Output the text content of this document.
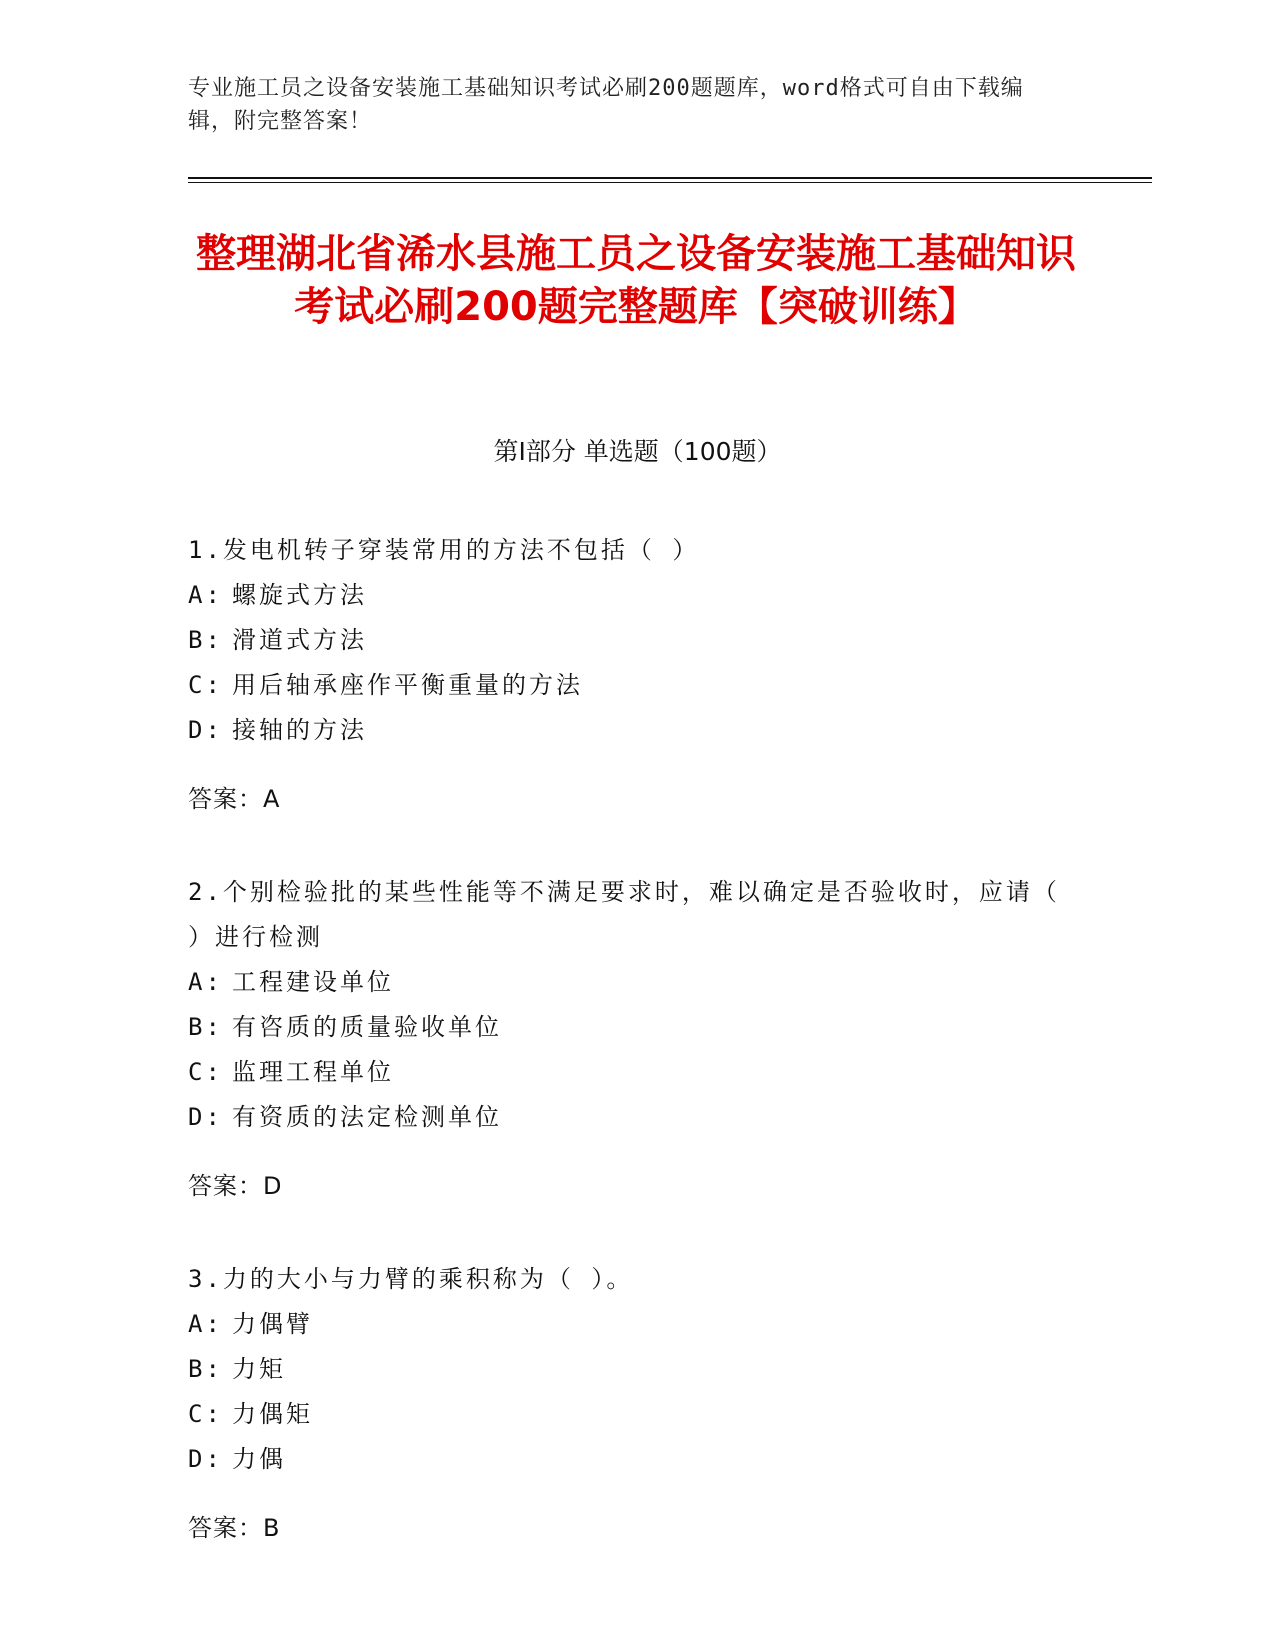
专业施工员之设备安装施工基础知识考试必刷200题题库，word格式可自由下载编辑，附完整答案！
整理湖北省浠水县施工员之设备安装施工基础知识考试必刷200题完整题库【突破训练】
第I部分 单选题（100题）

1.发电机转子穿装常用的方法不包括（ ）

A: 螺旋式方法

B: 滑道式方法

C: 用后轴承座作平衡重量的方法

D: 接轴的方法

答案：A

2.个别检验批的某些性能等不满足要求时，难以确定是否验收时，应请（ ）进行检测

A: 工程建设单位

B: 有咨质的质量验收单位

C: 监理工程单位

D: 有资质的法定检测单位

答案：D

3.力的大小与力臂的乘积称为（ ）。

A: 力偶臂

B: 力矩

C: 力偶矩

D: 力偶

答案：B
